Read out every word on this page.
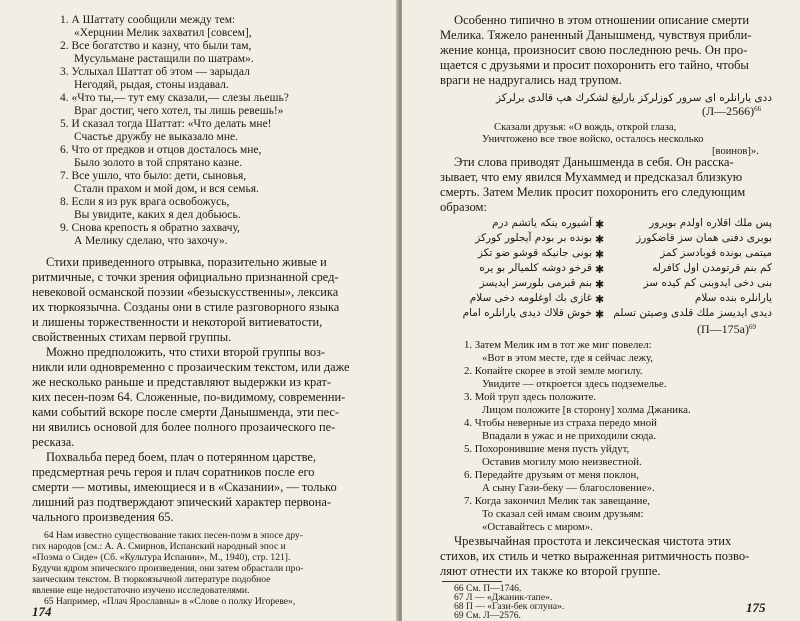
1. А Шаттату сообщили между тем:
«Херцнин Мелик захватил [совсем],
2. Все богатство и казну, что были там,
Мусульмане растащили по шатрам».
3. Услыхал Шаттат об этом — зарыдал
Негодяй, рыдая, стоны издавал.
4. «Что ты,— тут ему сказали,— слезы льешь?
Враг достиг, чего хотел, ты лишь ревешь!»
5. И сказал тогда Шаттат: «Что делать мне!
Счастье дружбу не выказало мне.
6. Что от предков и отцов досталось мне,
Было золото в той спрятано казне.
7. Все ушло, что было: дети, сыновья,
Стали прахом и мой дом, и вся семья.
8. Если я из рук врага освобожусь,
Вы увидите, каких я дел добьюсь.
9. Снова крепость я обратно захвачу,
А Мелику сделаю, что захочу».
Стихи приведенного отрывка, поразительно живые и
ритмичные, с точки зрения официально признанной сред-
невековой османской поэзии «безыскусственны», лексика
их тюркоязычна. Созданы они в стиле разговорного языка
и лишены торжественности и некоторой витиеватости,
свойственных стихам первой группы.
Можно предположить, что стихи второй группы воз-
никли или одновременно с прозаическим текстом, или даже
же несколько раньше и представляют выдержки из крат-
ких песен-поэм 64. Сложенные, по-видимому, современни-
ками событий вскоре после смерти Данышменда, эти пес-
ни явились основой для более полного прозаического пе-
ресказа.
Похвальба перед боем, плач о потерянном царстве,
предсмертная речь героя и плач соратников после его
смерти — мотивы, имеющиеся и в «Сказании», — только
лишний раз подтверждают эпический характер первона-
чального произведения 65.
64 Нам известно существование таких песен-поэм в эпосе дру-
гих народов [см.: А. А. Смирнов, Испанский народный эпос и
«Поэма о Сиде» (Сб. «Культура Испании», М., 1940), стр. 121].
Будучи ядром эпического произведения, они затем обрастали про-
заическим текстом. В тюркоязычной литературе подобное
явление еще недостаточно изучено исследователями.
65 Например, «Плач Ярославны» в «Слове о полку Игореве»,
174
Особенно типично в этом отношении описание смерти
Мелика. Тяжело раненный Данышменд, чувствуя прибли-
жение конца, произносит свою последнюю речь. Он про-
щается с друзьями и просит похоронить его тайно, чтобы
враги не надругались над трупом.
ددی یارانلره ای سرور کوزلرکز یارلیغ لشکرك هپ قالدی برلرکز
(Л—2566)$^{66}$
Сказали друзья: «О вождь, открой глаза,
Уничтожено все твое войско, осталось несколько
[воинов]».
Эти слова приводят Данышменда в себя. Он расска-
зывает, что ему явился Мухаммед и предсказал близкую
смерть. Затем Мелик просит похоронить его следующим
образом:
آشیوره ینکه یاتشم درم ✱	پس ملك اقلاره اولدم بویرور
بونده بر بودم آیجلور کورکز ✱	بوبری دفنی همان سز قاضکورز
بونی جانیکه قوشو ضو تکز ✱	میتمی بونده قوبادسز کمز
قرخو دوشه کلمیالر بو یره ✱	کم بنم قرتومدن اول کافرله
بنم قبرمی بلورسز ایدیسز ✱	بنی دخی ایدوبنی کم کیده سز
غازی بك اوغلومه دخی سلام ✱	یارانلره بنده سلام
خوش قلاك دیدی یارانلره امام ✱ دیدی ایدیسز ملك قلدی وصیتن تسلم
(П—175а)$^{69}$
1. Затем Мелик им в тот же миг повелел:
«Вот в этом месте, где я сейчас лежу,
2. Копайте скорее в этой земле могилу.
Увидите — откроется здесь подземелье.
3. Мой труп здесь положите.
Лицом положите [в сторону] холма Джаника.
4. Чтобы неверные из страха передо мной
Впадали в ужас и не приходили сюда.
5. Похоронившие меня пусть уйдут,
Оставив могилу мою неизвестной.
6. Передайте друзьям от меня поклон,
А сыну Гази-беку — благословение».
7. Когда закончил Мелик так завещание,
То сказал сей имам своим друзьям:
«Оставайтесь с миром».
Чрезвычайная простота и лексическая чистота этих
стихов, их стиль и четко выраженная ритмичность позво-
ляют отнести их также ко второй группе.
66 См. П—1746.
67 Л — «Джаник-тапе».
68 П — «Гази-бек оглуна».
69 См. Л—2576.
175
